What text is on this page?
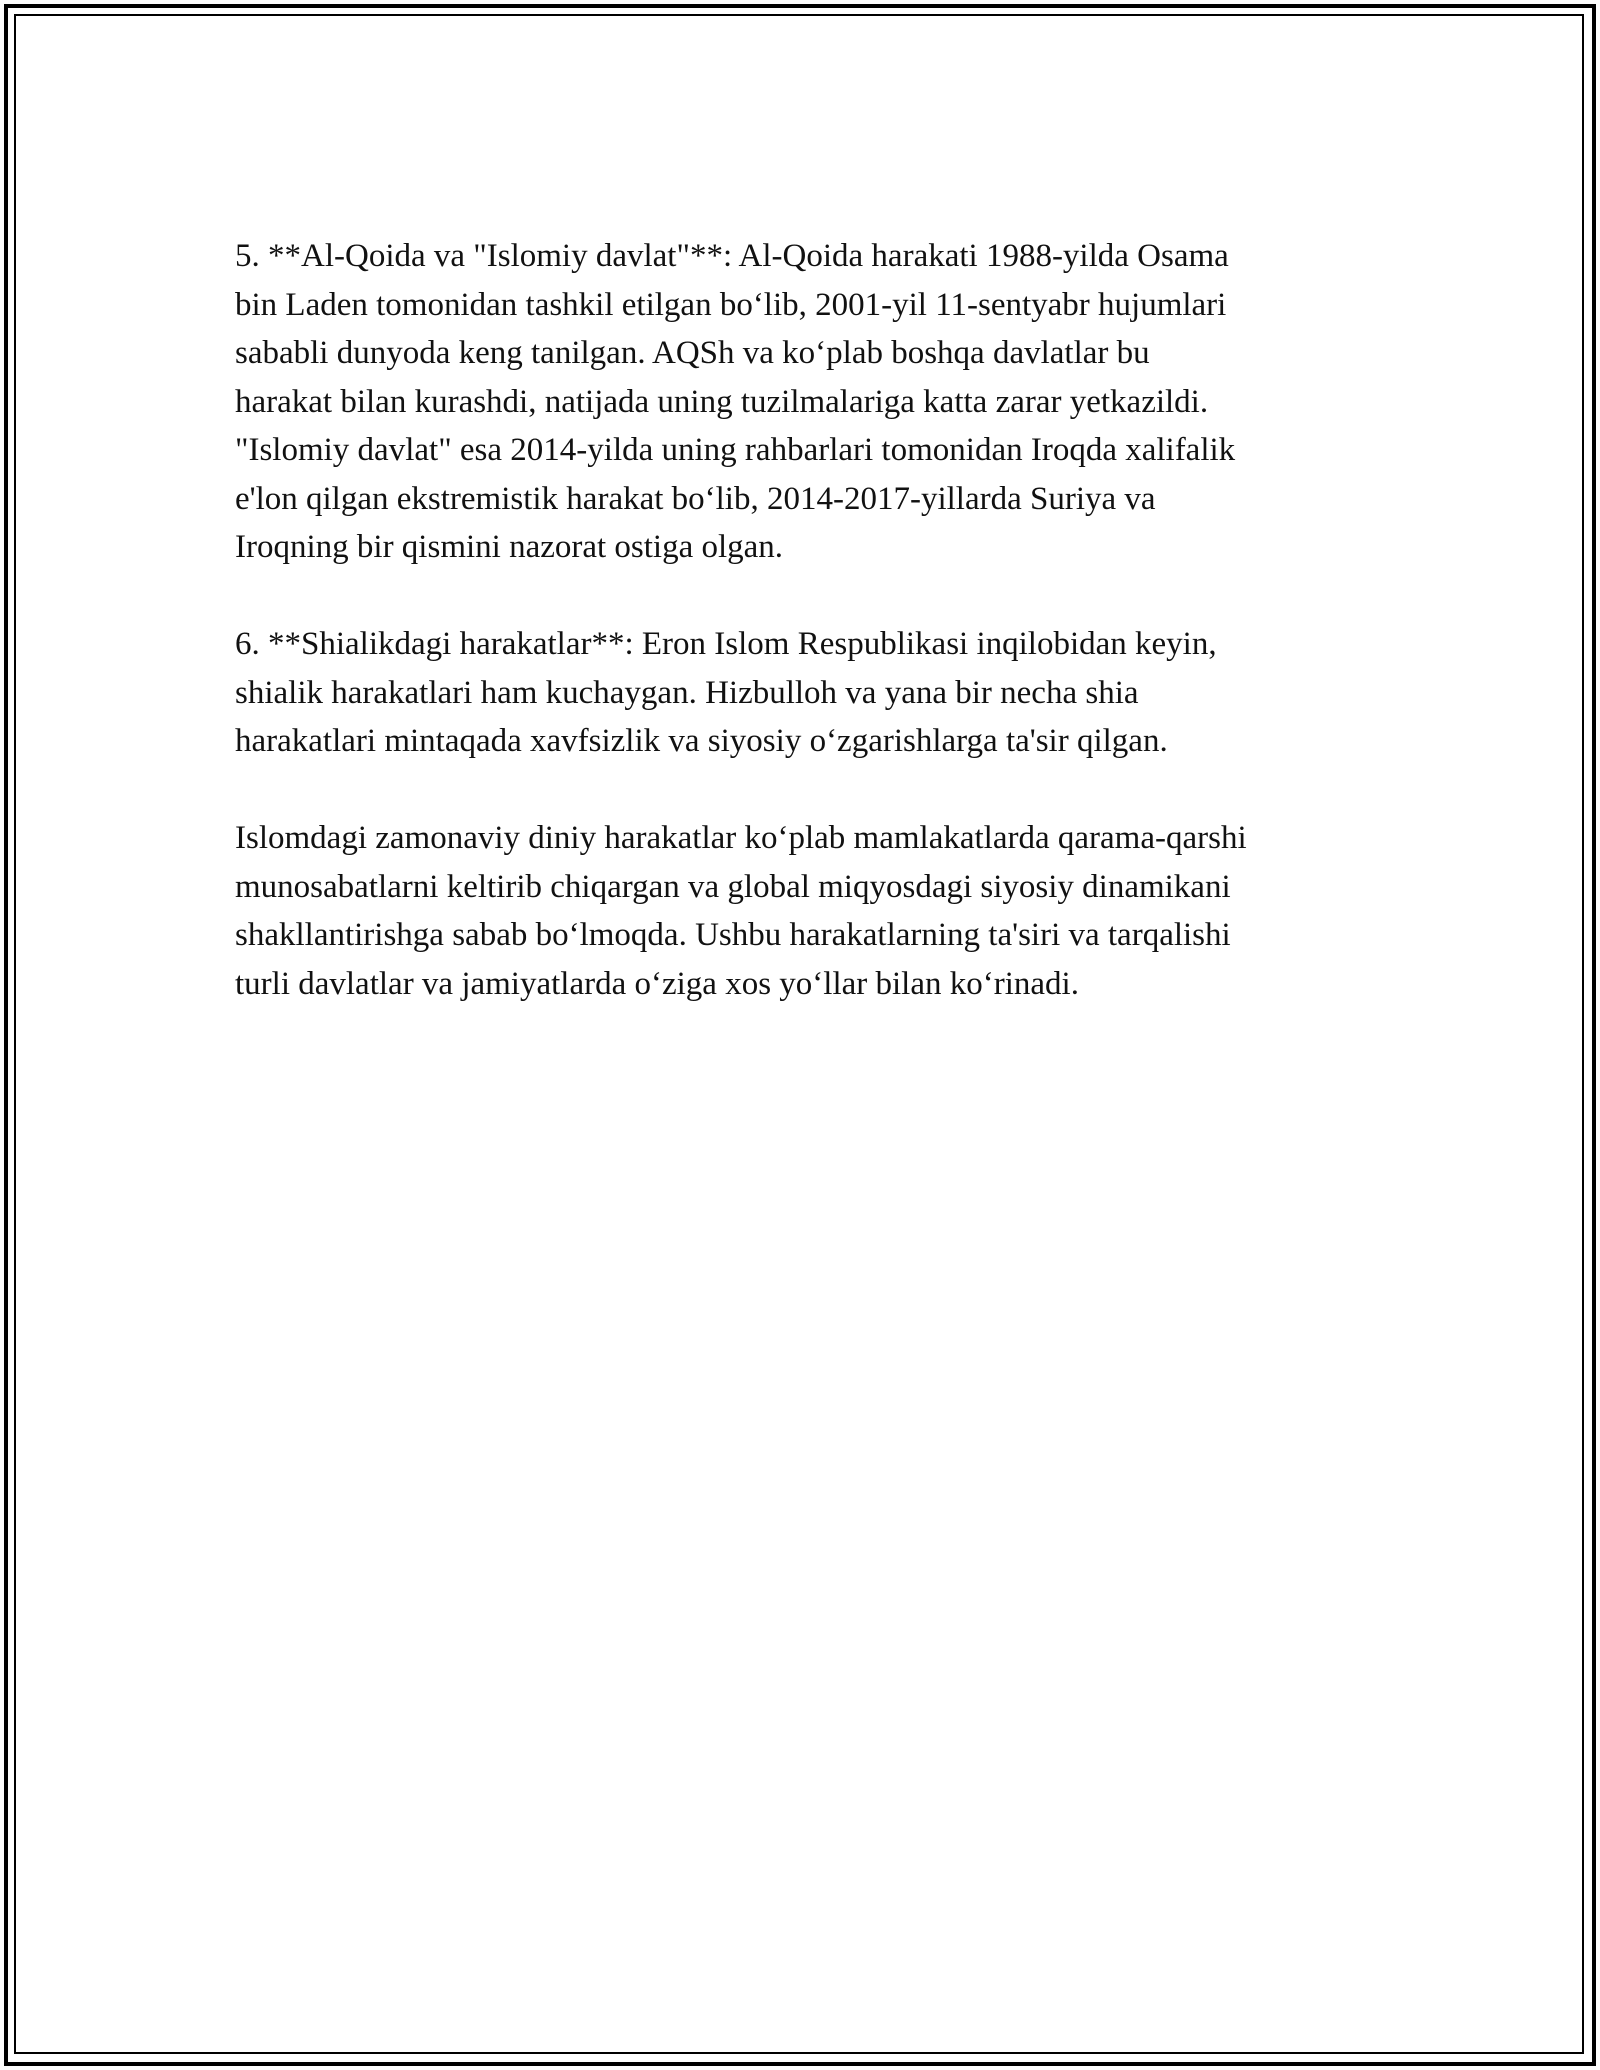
5. **Al-Qoida va "Islomiy davlat"**: Al-Qoida harakati 1988-yilda Osama
bin Laden tomonidan tashkil etilgan bo‘lib, 2001-yil 11-sentyabr hujumlari
sababli dunyoda keng tanilgan. AQSh va ko‘plab boshqa davlatlar bu
harakat bilan kurashdi, natijada uning tuzilmalariga katta zarar yetkazildi.
"Islomiy davlat" esa 2014-yilda uning rahbarlari tomonidan Iroqda xalifalik
e'lon qilgan ekstremistik harakat bo‘lib, 2014-2017-yillarda Suriya va
Iroqning bir qismini nazorat ostiga olgan.

6. **Shialikdagi harakatlar**: Eron Islom Respublikasi inqilobidan keyin,
shialik harakatlari ham kuchaygan. Hizbulloh va yana bir necha shia
harakatlari mintaqada xavfsizlik va siyosiy o‘zgarishlarga ta'sir qilgan.

Islomdagi zamonaviy diniy harakatlar ko‘plab mamlakatlarda qarama-qarshi
munosabatlarni keltirib chiqargan va global miqyosdagi siyosiy dinamikani
shakllantirishga sabab bo‘lmoqda. Ushbu harakatlarning ta'siri va tarqalishi
turli davlatlar va jamiyatlarda o‘ziga xos yo‘llar bilan ko‘rinadi.
